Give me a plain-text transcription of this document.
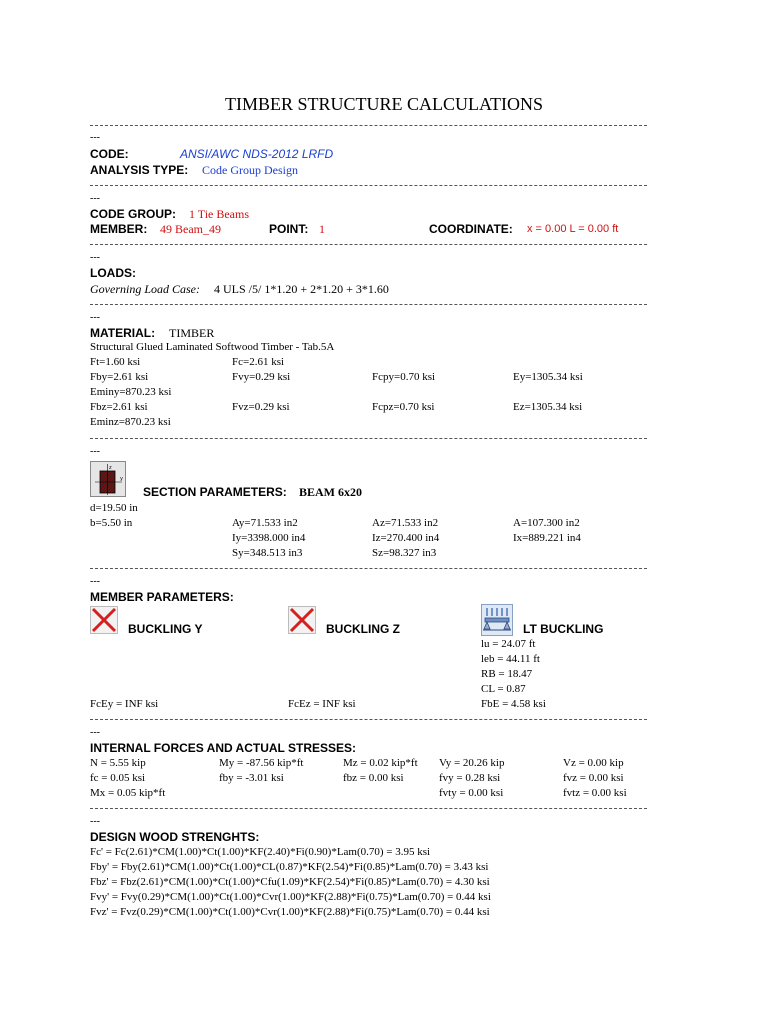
TIMBER STRUCTURE CALCULATIONS
---
CODE:	ANSI/AWC NDS-2012 LRFD
ANALYSIS TYPE: Code Group Design
---
CODE GROUP: 1 Tie Beams
MEMBER: 49 Beam_49	POINT: 1	COORDINATE: x = 0.00 L = 0.00 ft
---
LOADS:
Governing Load Case: 4 ULS /5/ 1*1.20 + 2*1.20 + 3*1.60
---
MATERIAL: TIMBER
Structural Glued Laminated Softwood Timber - Tab.5A
Ft=1.60 ksi	Fc=2.61 ksi
Fby=2.61 ksi	Fvy=0.29 ksi	Fcpy=0.70 ksi	Ey=1305.34 ksi
Eminy=870.23 ksi
Fbz=2.61 ksi	Fvz=0.29 ksi	Fcpz=0.70 ksi	Ez=1305.34 ksi
Eminz=870.23 ksi
---
z
y
SECTION PARAMETERS: BEAM 6x20
d=19.50 in
b=5.50 in	Ay=71.533 in2	Az=71.533 in2	A=107.300 in2
Iy=3398.000 in4	Iz=270.400 in4	Ix=889.221 in4
Sy=348.513 in3	Sz=98.327 in3
---
MEMBER PARAMETERS:
BUCKLING Y	BUCKLING Z	LT BUCKLING
lu = 24.07 ft
leb = 44.11 ft
RB = 18.47
CL = 0.87
FcEy = INF ksi	FcEz = INF ksi	FbE = 4.58 ksi
---
INTERNAL FORCES AND ACTUAL STRESSES:
N = 5.55 kip	My = -87.56 kip*ft	Mz = 0.02 kip*ft Vy = 20.26 kip	Vz = 0.00 kip
fc = 0.05 ksi	fby = -3.01 ksi	fbz = 0.00 ksi	fvy = 0.28 ksi	fvz = 0.00 ksi
Mx = 0.05 kip*ft	fvty = 0.00 ksi	fvtz = 0.00 ksi
---
DESIGN WOOD STRENGHTS:
Fc' = Fc(2.61)*CM(1.00)*Ct(1.00)*KF(2.40)*Fi(0.90)*Lam(0.70) = 3.95 ksi
Fby' = Fby(2.61)*CM(1.00)*Ct(1.00)*CL(0.87)*KF(2.54)*Fi(0.85)*Lam(0.70) = 3.43 ksi
Fbz' = Fbz(2.61)*CM(1.00)*Ct(1.00)*Cfu(1.09)*KF(2.54)*Fi(0.85)*Lam(0.70) = 4.30 ksi
Fvy' = Fvy(0.29)*CM(1.00)*Ct(1.00)*Cvr(1.00)*KF(2.88)*Fi(0.75)*Lam(0.70) = 0.44 ksi
Fvz' = Fvz(0.29)*CM(1.00)*Ct(1.00)*Cvr(1.00)*KF(2.88)*Fi(0.75)*Lam(0.70) = 0.44 ksi
